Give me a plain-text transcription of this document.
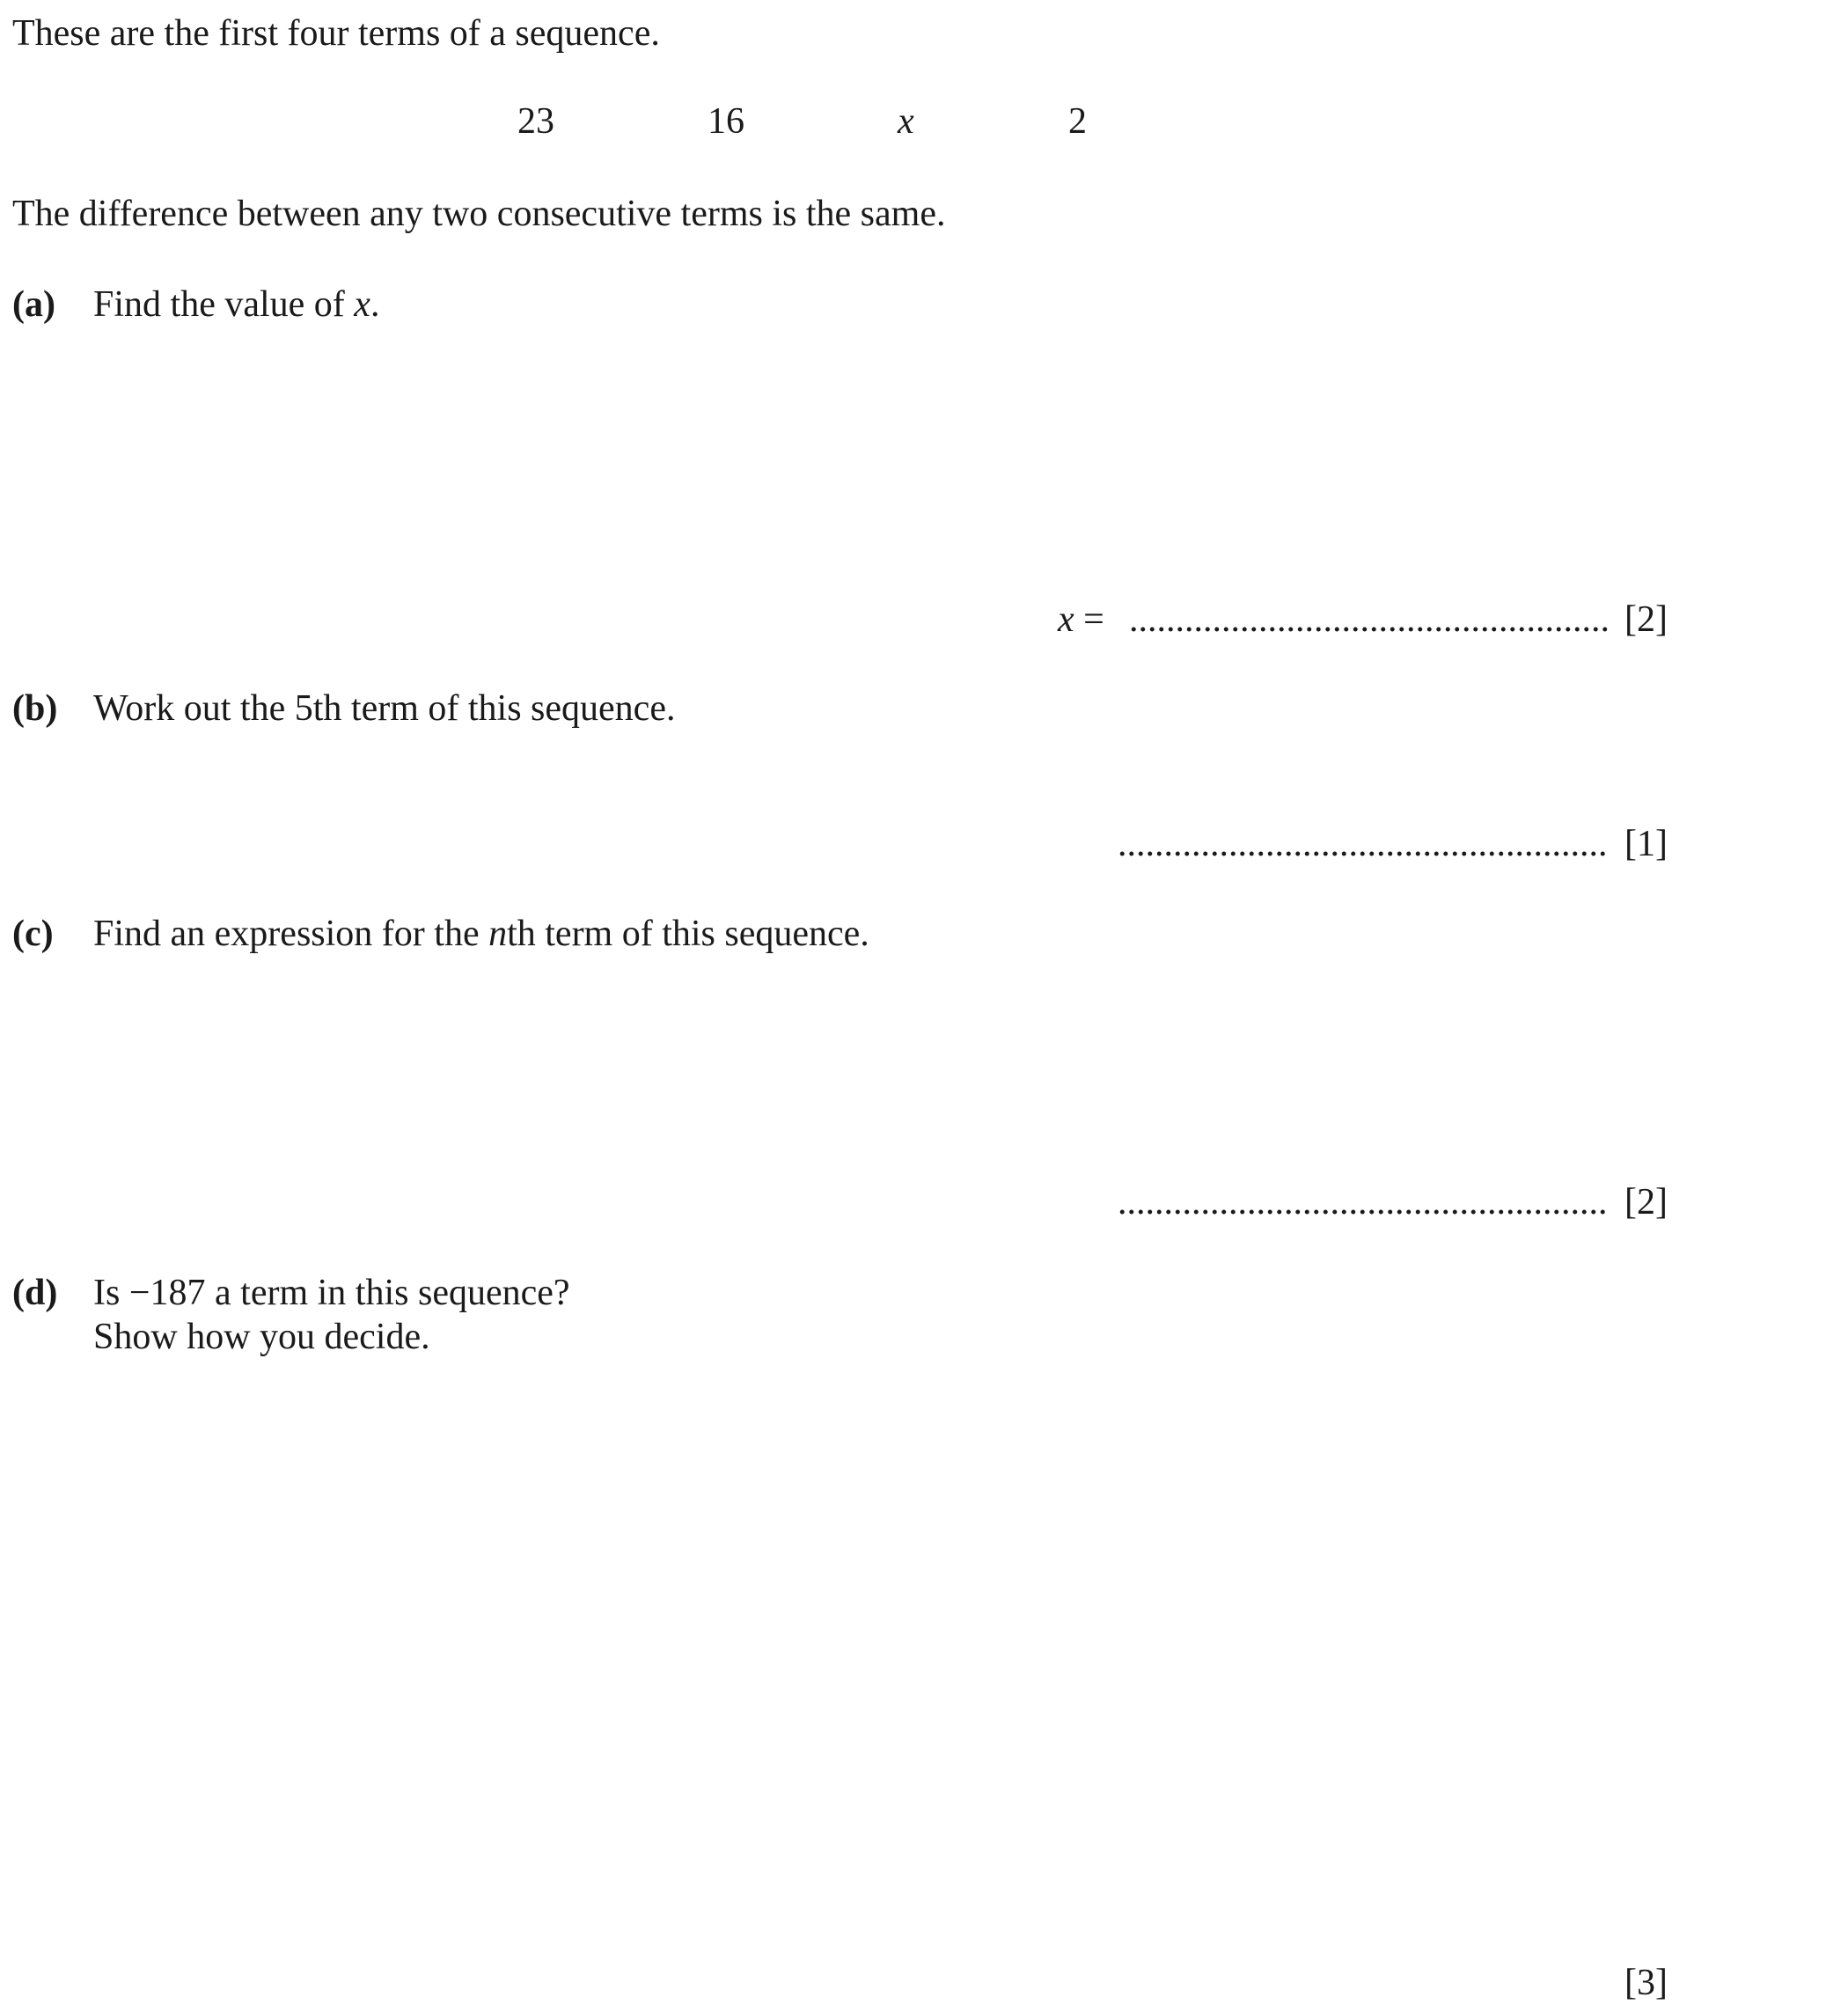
These are the first four terms of a sequence.
23	16	x	2
The difference between any two consecutive terms is the same.
(a) Find the value of x.
x = .................................................... [2]
(b) Work out the 5th term of this sequence.
..................................................... [1]
(c) Find an expression for the nth term of this sequence.
..................................................... [2]
(d) Is −187 a term in this sequence?
Show how you decide.
[3]
